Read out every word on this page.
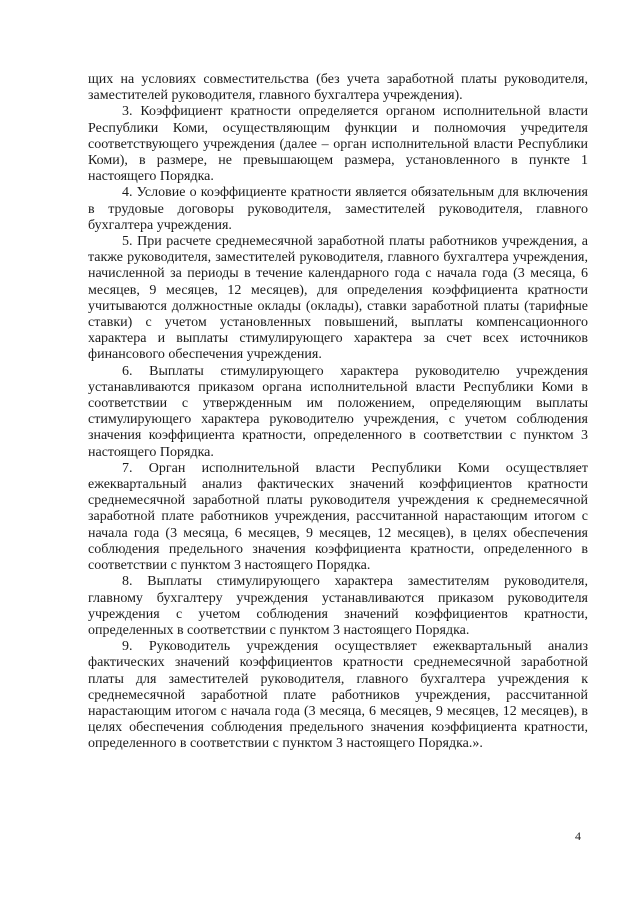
щих на условиях совместительства (без учета заработной платы руководителя, заместителей руководителя, главного бухгалтера учреждения).

3. Коэффициент кратности определяется органом исполнительной власти Республики Коми, осуществляющим функции и полномочия учредителя соответствующего учреждения (далее – орган исполнительной власти Республики Коми), в размере, не превышающем размера, установленного в пункте 1 настоящего Порядка.

4. Условие о коэффициенте кратности является обязательным для включения в трудовые договоры руководителя, заместителей руководителя, главного бухгалтера учреждения.

5. При расчете среднемесячной заработной платы работников учреждения, а также руководителя, заместителей руководителя, главного бухгалтера учреждения, начисленной за периоды в течение календарного года с начала года (3 месяца, 6 месяцев, 9 месяцев, 12 месяцев), для определения коэффициента кратности учитываются должностные оклады (оклады), ставки заработной платы (тарифные ставки) с учетом установленных повышений, выплаты компенсационного характера и выплаты стимулирующего характера за счет всех источников финансового обеспечения учреждения.

6. Выплаты стимулирующего характера руководителю учреждения устанавливаются приказом органа исполнительной власти Республики Коми в соответствии с утвержденным им положением, определяющим выплаты стимулирующего характера руководителю учреждения, с учетом соблюдения значения коэффициента кратности, определенного в соответствии с пунктом 3 настоящего Порядка.

7. Орган исполнительной власти Республики Коми осуществляет ежеквартальный анализ фактических значений коэффициентов кратности среднемесячной заработной платы руководителя учреждения к среднемесячной заработной плате работников учреждения, рассчитанной нарастающим итогом с начала года (3 месяца, 6 месяцев, 9 месяцев, 12 месяцев), в целях обеспечения соблюдения предельного значения коэффициента кратности, определенного в соответствии с пунктом 3 настоящего Порядка.

8. Выплаты стимулирующего характера заместителям руководителя, главному бухгалтеру учреждения устанавливаются приказом руководителя учреждения с учетом соблюдения значений коэффициентов кратности, определенных в соответствии с пунктом 3 настоящего Порядка.

9. Руководитель учреждения осуществляет ежеквартальный анализ фактических значений коэффициентов кратности среднемесячной заработной платы для заместителей руководителя, главного бухгалтера учреждения к среднемесячной заработной плате работников учреждения, рассчитанной нарастающим итогом с начала года (3 месяца, 6 месяцев, 9 месяцев, 12 месяцев), в целях обеспечения соблюдения предельного значения коэффициента кратности, определенного в соответствии с пунктом 3 настоящего Порядка.».

4
